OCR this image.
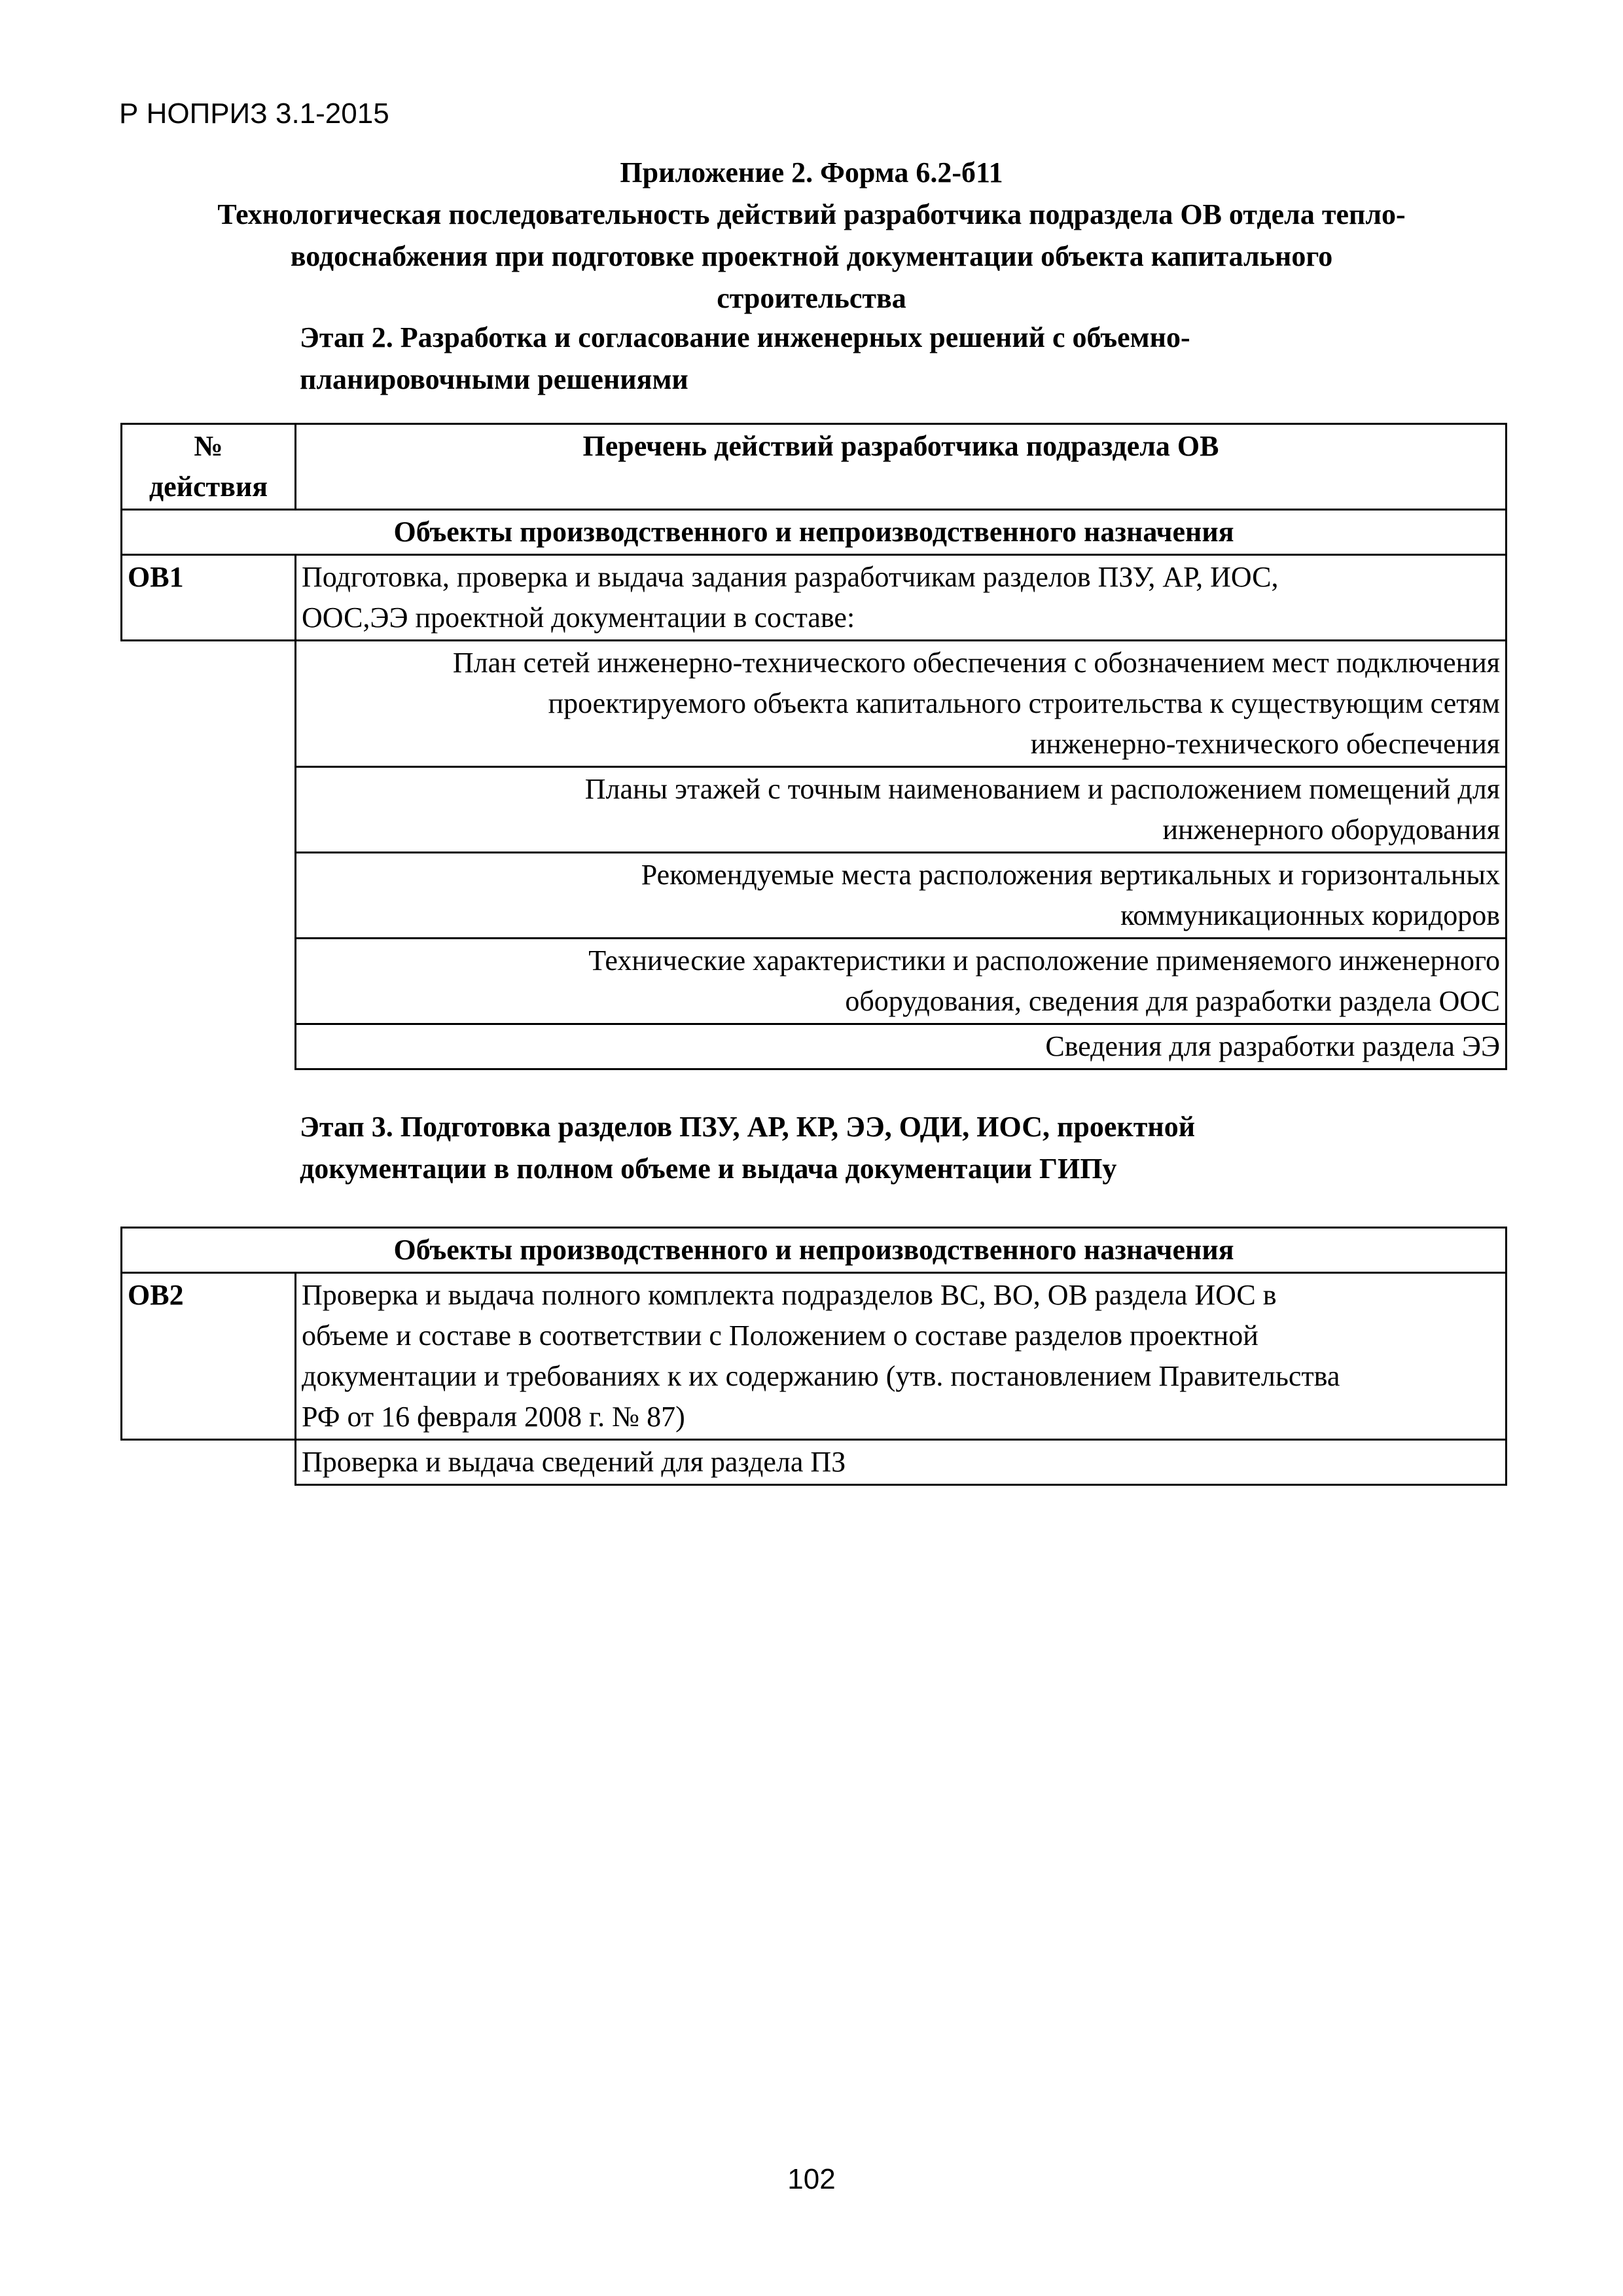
Р НОПРИЗ 3.1-2015
Приложение 2. Форма 6.2-б11
Технологическая последовательность действий разработчика подраздела ОВ отдела тепло-
водоснабжения при подготовке проектной документации объекта капитального
строительства
Этап 2. Разработка и согласование инженерных решений с объемно-
планировочными решениями
№
действия	Перечень действий разработчика подраздела ОВ
Объекты производственного и непроизводственного назначения	
ОВ1	Подготовка, проверка и выдача задания разработчикам разделов ПЗУ, АР, ИОС,
ООС,ЭЭ проектной документации в составе:

	План сетей инженерно-технического обеспечения с обозначением мест подключения
проектируемого объекта капитального строительства к существующим сетям
инженерно-технического обеспечения

	Планы этажей с точным наименованием и расположением помещений для
инженерного оборудования

	Рекомендуемые места расположения вертикальных и горизонтальных
коммуникационных коридоров

	Технические характеристики и расположение применяемого инженерного
оборудования, сведения для разработки раздела ООС

	Сведения для разработки раздела ЭЭ
Этап 3. Подготовка разделов ПЗУ, АР, КР, ЭЭ, ОДИ, ИОС, проектной
документации в полном объеме и выдача документации ГИПу
Объекты производственного и непроизводственного назначения	
ОВ2	Проверка и выдача полного комплекта подразделов ВС, ВО, ОВ раздела ИОС в
объеме и составе в соответствии с Положением о составе разделов проектной
документации и требованиях к их содержанию (утв. постановлением Правительства
РФ от 16 февраля 2008 г. № 87)

	Проверка и выдача сведений для раздела ПЗ
102
